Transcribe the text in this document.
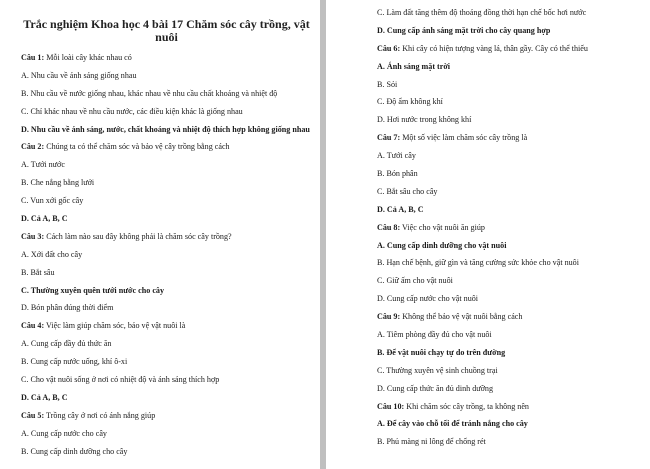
Trắc nghiệm Khoa học 4 bài 17 Chăm sóc cây trồng, vật nuôi
Câu 1: Mỗi loài cây khác nhau có
A. Nhu cầu về ánh sáng giống nhau
B. Nhu cầu về nước giống nhau, khác nhau về nhu cầu chất khoáng và nhiệt độ
C. Chỉ khác nhau về nhu cầu nước, các điều kiện khác là giống nhau
D. Nhu cầu về ánh sáng, nước, chất khoáng và nhiệt độ thích hợp không giống nhau
Câu 2: Chúng ta có thể chăm sóc và bảo vệ cây trồng bằng cách
A. Tưới nước
B. Che nắng bằng lưới
C. Vun xới gốc cây
D. Cả A, B, C
Câu 3: Cách làm nào sau đây không phải là chăm sóc cây trồng?
A. Xới đất cho cây
B. Bắt sâu
C. Thường xuyên quên tưới nước cho cây
D. Bón phân đúng thời điểm
Câu 4: Việc làm giúp chăm sóc, bảo vệ vật nuôi là
A. Cung cấp đầy đủ thức ăn
B. Cung cấp nước uống, khí ô-xi
C. Cho vật nuôi sống ở nơi có nhiệt độ và ánh sáng thích hợp
D. Cả A, B, C
Câu 5: Trồng cây ở nơi có ánh nắng giúp
A. Cung cấp nước cho cây
B. Cung cấp dinh dưỡng cho cây
C. Làm đất tăng thêm độ thoáng đồng thời hạn chế bốc hơi nước
D. Cung cấp ánh sáng mặt trời cho cây quang hợp
Câu 6: Khi cây có hiện tượng vàng lá, thân gầy. Cây có thể thiếu
A. Ánh sáng mặt trời
B. Sỏi
C. Độ ẩm không khí
D. Hơi nước trong không khí
Câu 7: Một số việc làm chăm sóc cây trồng là
A. Tưới cây
B. Bón phân
C. Bắt sâu cho cây
D. Cả A, B, C
Câu 8: Việc cho vật nuôi ăn giúp
A. Cung cấp dinh dưỡng cho vật nuôi
B. Hạn chế bệnh, giữ gìn và tăng cường sức khỏe cho vật nuôi
C. Giữ ấm cho vật nuôi
D. Cung cấp nước cho vật nuôi
Câu 9: Không thể bảo vệ vật nuôi bằng cách
A. Tiêm phòng đầy đủ cho vật nuôi
B. Để vật nuôi chạy tự do trên đường
C. Thường xuyên vệ sinh chuồng trại
D. Cung cấp thức ăn đủ dinh dưỡng
Câu 10: Khi chăm sóc cây trồng, ta không nên
A. Để cây vào chỗ tối để tránh nắng cho cây
B. Phủ màng ni lông để chống rét
